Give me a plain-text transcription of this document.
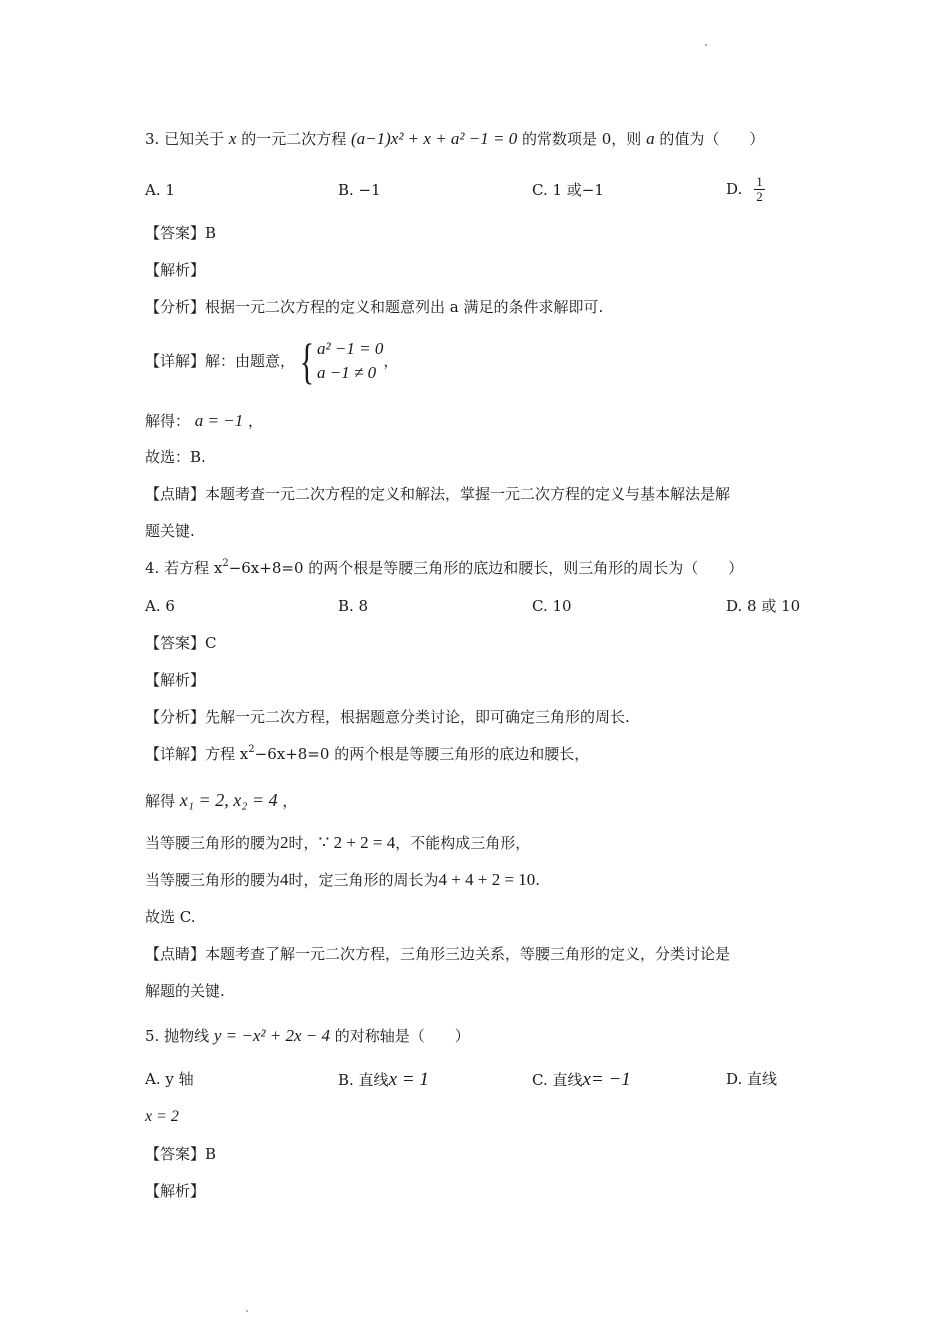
3. 已知关于 x 的一元二次方程 (a−1)x² + x + a² −1 = 0 的常数项是 0，则 a 的值为（　　）
A. 1	B. −1	C. 1 或−1	D. $\frac{1}{2}$
【答案】B
【解析】
【分析】根据一元二次方程的定义和题意列出 a 满足的条件求解即可.
【详解】 解：由题意， { a² −1 = 0
a −1 ≠ 0
，
解得： a = −1 ，
故选：B.
【点睛】本题考查一元二次方程的定义和解法，掌握一元二次方程的定义与基本解法是解
题关键.
4. 若方程 $x^2-6x+8=0$ 的两个根是等腰三角形的底边和腰长，则三角形的周长为（　　）
A. 6	B. 8	C. 10	D. 8 或 10
【答案】C
【解析】
【分析】先解一元二次方程，根据题意分类讨论，即可确定三角形的周长.
【详解】方程 $x^2-6x+8=0$ 的两个根是等腰三角形的底边和腰长，
解得 x₁ = 2, x₂ = 4 ，
当等腰三角形的腰为2时，∵ 2 + 2 = 4，不能构成三角形，
当等腰三角形的腰为4时，定三角形的周长为4 + 4 + 2 = 10.
故选 C.
【点睛】本题考查了解一元二次方程，三角形三边关系，等腰三角形的定义，分类讨论是
解题的关键.
5. 抛物线 y = −x² + 2x − 4 的对称轴是（　　）
A. y 轴	B. 直线x = 1	C. 直线x= −1	D. 直线
x = 2
【答案】B
【解析】
